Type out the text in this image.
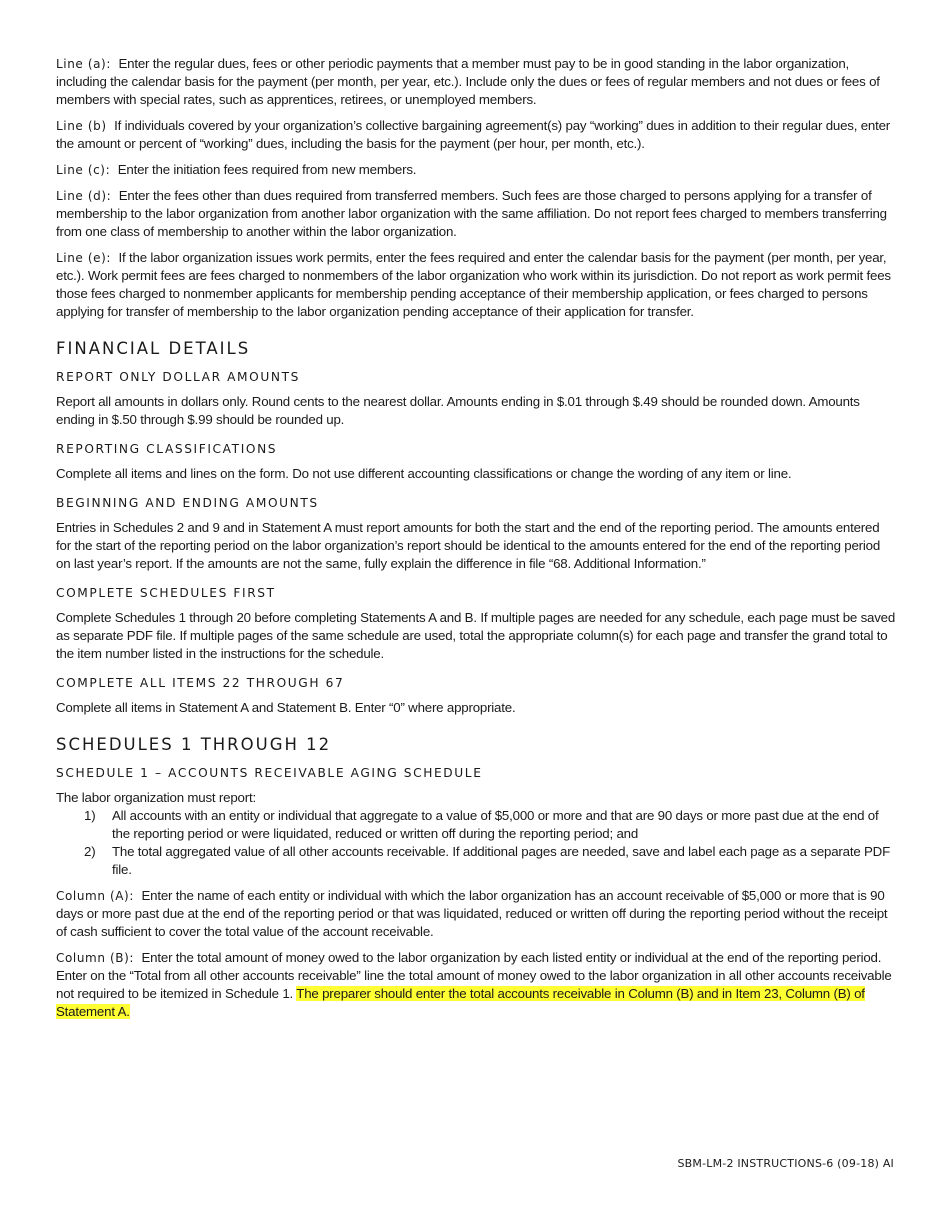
Line (a): Enter the regular dues, fees or other periodic payments that a member must pay to be in good standing in the labor organization, including the calendar basis for the payment (per month, per year, etc.). Include only the dues or fees of regular members and not dues or fees of members with special rates, such as apprentices, retirees, or unemployed members.

Line (b) If individuals covered by your organization’s collective bargaining agreement(s) pay “working” dues in addition to their regular dues, enter the amount or percent of “working” dues, including the basis for the payment (per hour, per month, etc.).

Line (c): Enter the initiation fees required from new members.

Line (d): Enter the fees other than dues required from transferred members. Such fees are those charged to persons applying for a transfer of membership to the labor organization from another labor organization with the same affiliation. Do not report fees charged to members transferring from one class of membership to another within the labor organization.

Line (e): If the labor organization issues work permits, enter the fees required and enter the calendar basis for the payment (per month, per year, etc.). Work permit fees are fees charged to nonmembers of the labor organization who work within its jurisdiction. Do not report as work permit fees those fees charged to nonmember applicants for membership pending acceptance of their membership application, or fees charged to persons applying for transfer of membership to the labor organization pending acceptance of their application for transfer.

FINANCIAL DETAILS
REPORT ONLY DOLLAR AMOUNTS

Report all amounts in dollars only. Round cents to the nearest dollar. Amounts ending in $.01 through $.49 should be rounded down. Amounts ending in $.50 through $.99 should be rounded up.

REPORTING CLASSIFICATIONS

Complete all items and lines on the form. Do not use different accounting classifications or change the wording of any item or line.

BEGINNING AND ENDING AMOUNTS

Entries in Schedules 2 and 9 and in Statement A must report amounts for both the start and the end of the reporting period. The amounts entered for the start of the reporting period on the labor organization’s report should be identical to the amounts entered for the end of the reporting period on last year’s report. If the amounts are not the same, fully explain the difference in file “68. Additional Information.”

COMPLETE SCHEDULES FIRST

Complete Schedules 1 through 20 before completing Statements A and B. If multiple pages are needed for any schedule, each page must be saved as separate PDF file. If multiple pages of the same schedule are used, total the appropriate column(s) for each page and transfer the grand total to the item number listed in the instructions for the schedule.

COMPLETE ALL ITEMS 22 THROUGH 67

Complete all items in Statement A and Statement B. Enter “0” where appropriate.

SCHEDULES 1 THROUGH 12
SCHEDULE 1 – ACCOUNTS RECEIVABLE AGING SCHEDULE

The labor organization must report:

1)	All accounts with an entity or individual that aggregate to a value of $5,000 or more and that are 90 days or more past due at the end of the reporting period or were liquidated, reduced or written off during the reporting period; and
2)	The total aggregated value of all other accounts receivable. If additional pages are needed, save and label each page as a separate PDF file.

Column (A): Enter the name of each entity or individual with which the labor organization has an account receivable of $5,000 or more that is 90 days or more past due at the end of the reporting period or that was liquidated, reduced or written off during the reporting period without the receipt of cash sufficient to cover the total value of the account receivable.

Column (B): Enter the total amount of money owed to the labor organization by each listed entity or individual at the end of the reporting period. Enter on the “Total from all other accounts receivable” line the total amount of money owed to the labor organization in all other accounts receivable not required to be itemized in Schedule 1. The preparer should enter the total accounts receivable in Column (B) and in Item 23, Column (B) of Statement A.

SBM-LM-2 INSTRUCTIONS-6 (09-18) AI
